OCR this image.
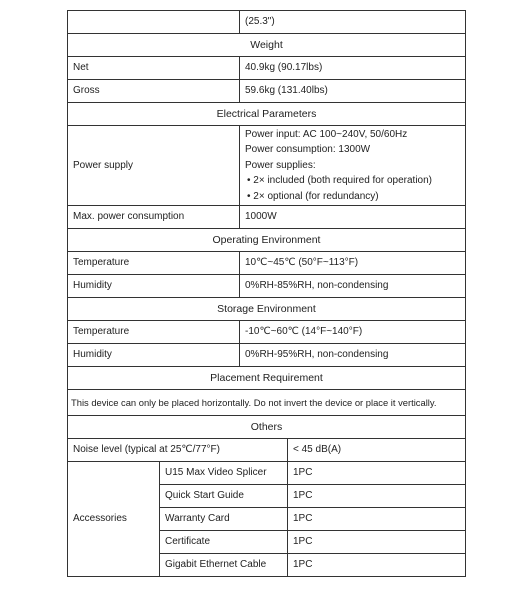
		(25.3")	
Weight			
Net		40.9kg (90.17lbs)	
Gross		59.6kg (131.40lbs)	
Electrical Parameters			
Power supply		Power input: AC 100~240V, 50/60Hz
Power consumption: 1300W
Power supplies:
• 2× included (both required for operation)
• 2× optional (for redundancy)	

Max. power consumption		1000W	
Operating Environment			
Temperature		10℃~45℃ (50°F~113°F)	
Humidity		0%RH-85%RH, non-condensing	
Storage Environment			
Temperature		-10℃~60℃ (14°F~140°F)	
Humidity		0%RH-95%RH, non-condensing	
Placement Requirement			
This device can only be placed horizontally. Do not invert the device or place it vertically.			
Others			
Noise level (typical at 25℃/77°F)			< 45 dB(A)
Accessories	U15 Max Video Splicer		1PC
	Quick Start Guide		1PC
	Warranty Card		1PC
	Certificate		1PC
	Gigabit Ethernet Cable		1PC
